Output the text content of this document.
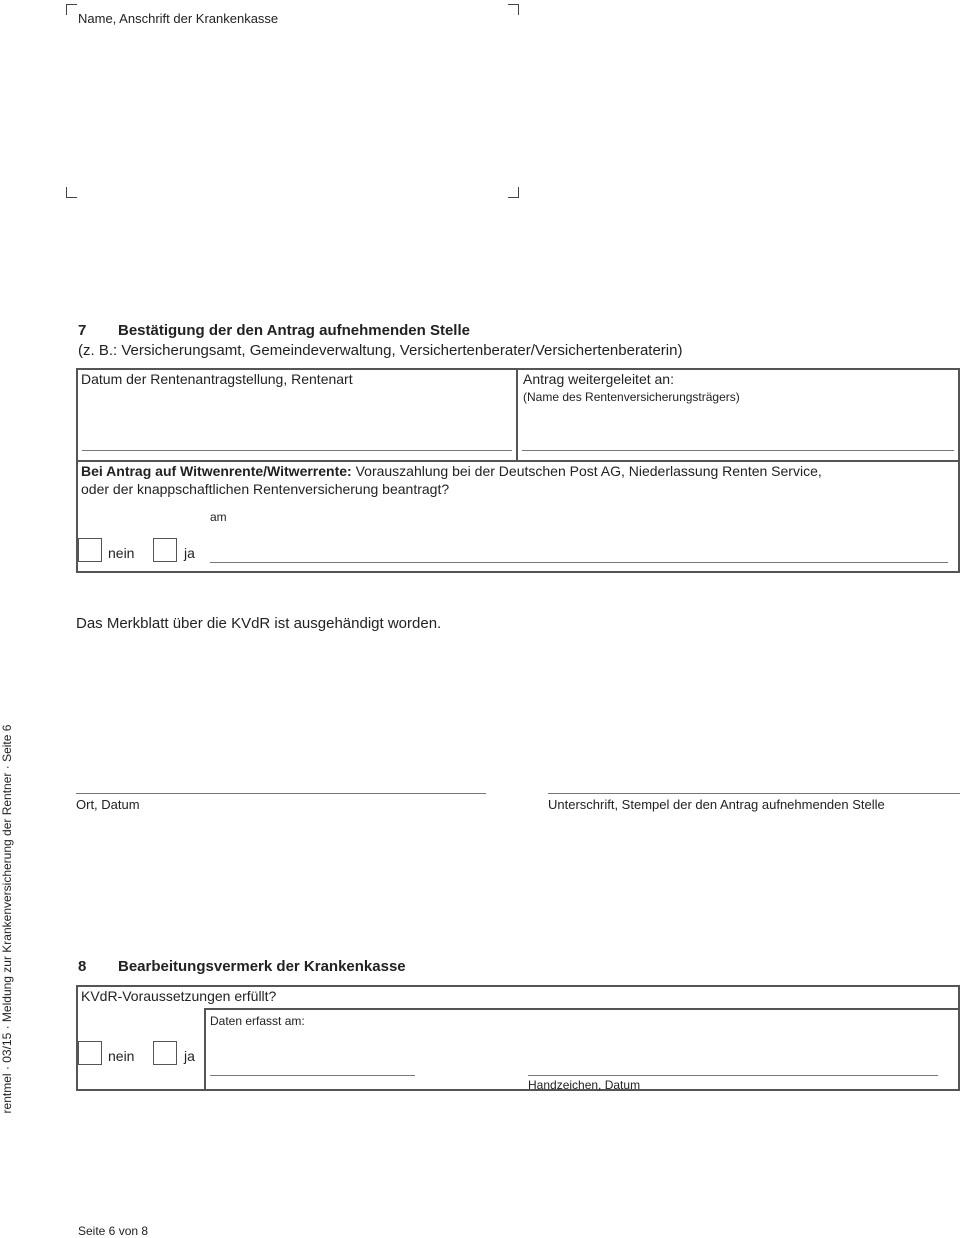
Name, Anschrift der Krankenkasse
7 Bestätigung der den Antrag aufnehmenden Stelle
(z. B.: Versicherungsamt, Gemeindeverwaltung, Versichertenberater/Versichertenberaterin)
Datum der Rentenantragstellung, Rentenart	Antrag weitergeleitet an:
(Name des Rentenversicherungsträgers)
Bei Antrag auf Witwenrente/Witwerrente: Vorauszahlung bei der Deutschen Post AG, Niederlassung Renten Service,
oder der knappschaftlichen Rentenversicherung beantragt?
am
nein	ja
Das Merkblatt über die KVdR ist ausgehändigt worden.
Ort, Datum	Unterschrift, Stempel der den Antrag aufnehmenden Stelle
8 Bearbeitungsvermerk der Krankenkasse
KVdR-Voraussetzungen erfüllt?
Daten erfasst am:
nein	ja
Handzeichen, Datum
rentmel · 03/15 · Meldung zur Krankenversicherung der Rentner · Seite 6
Seite 6 von 8
